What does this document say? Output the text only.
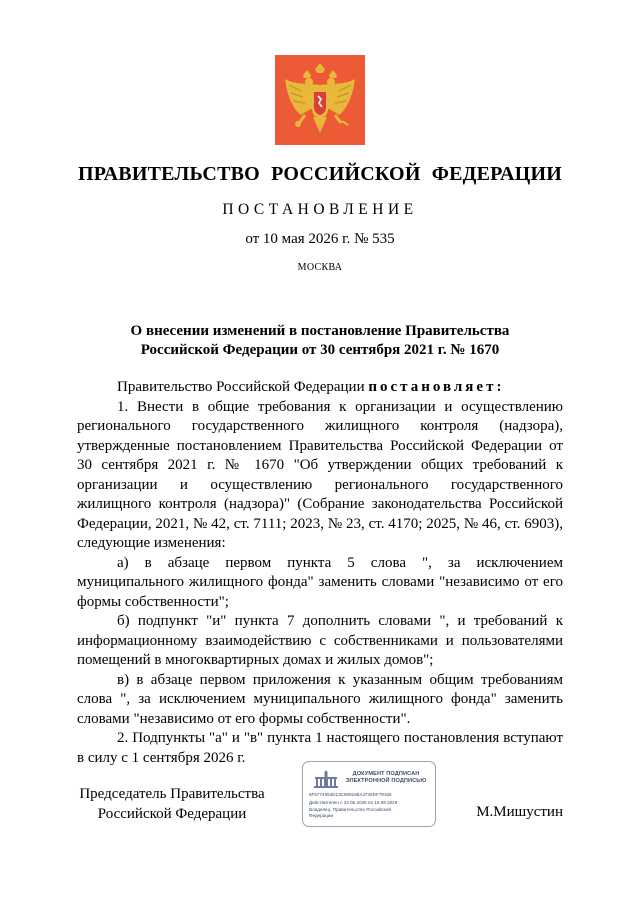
ПРАВИТЕЛЬСТВО РОССИЙСКОЙ ФЕДЕРАЦИИ
ПОСТАНОВЛЕНИЕ
от 10 мая 2026 г. № 535
МОСКВА
О внесении изменений в постановление Правительства
Российской Федерации от 30 сентября 2021 г. № 1670

Правительство Российской Федерации постановляет:

1. Внести в общие требования к организации и осуществлению регионального государственного жилищного контроля (надзора), утвержденные постановлением Правительства Российской Федерации от 30 сентября 2021 г. № 1670 "Об утверждении общих требований к организации и осуществлению регионального государственного жилищного контроля (надзора)" (Собрание законодательства Российской Федерации, 2021, № 42, ст. 7111; 2023, № 23, ст. 4170; 2025, № 46, ст. 6903), следующие изменения:

а) в абзаце первом пункта 5 слова ", за исключением муниципального жилищного фонда" заменить словами "независимо от его формы собственности";

б) подпункт "и" пункта 7 дополнить словами ", и требований к информационному взаимодействию с собственниками и пользователями помещений в многоквартирных домах и жилых домов";

в) в абзаце первом приложения к указанным общим требованиям слова ", за исключением муниципального жилищного фонда" заменить словами "независимо от его формы собственности".

2. Подпункты "а" и "в" пункта 1 настоящего постановления вступают в силу с 1 сентября 2026 г.

Председатель Правительства
Российской Федерации
ДОКУМЕНТ ПОДПИСАН
ЭЛЕКТРОННОЙ ПОДПИСЬЮ
6F6774654D13C908188A4728DF79155
Действителен с 22.05.2025 по 15.08.2026
Владелец: Правительство Российской
Федерации	М.Мишустин
